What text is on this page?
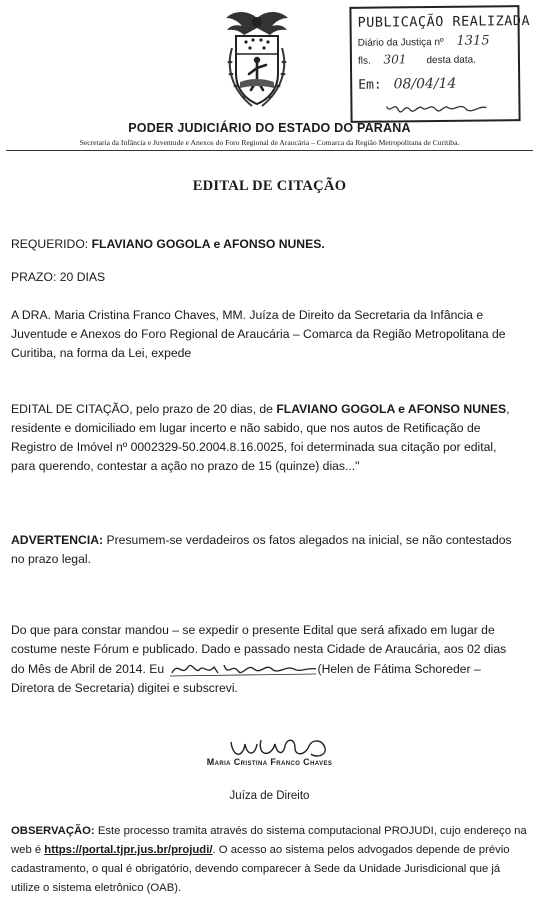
PUBLICAÇÃO REALIZADA
Diário da Justiça nº 1315
fls. 301 desta data.
Em: 08/04/14
PODER JUDICIÁRIO DO ESTADO DO PARANÁ
Secretaria da Infância e Juventude e Anexos do Foro Regional de Araucária – Comarca da Região Metropolitana de Curitiba.
EDITAL DE CITAÇÃO
REQUERIDO: FLAVIANO GOGOLA e AFONSO NUNES.
PRAZO: 20 DIAS
A DRA. Maria Cristina Franco Chaves, MM. Juíza de Direito da Secretaria da Infância e
Juventude e Anexos do Foro Regional de Araucária – Comarca da Região Metropolitana de
Curitiba, na forma da Lei, expede
EDITAL DE CITAÇÃO, pelo prazo de 20 dias, de FLAVIANO GOGOLA e AFONSO NUNES,
residente e domiciliado em lugar incerto e não sabido, que nos autos de Retificação de
Registro de Imóvel nº 0002329-50.2004.8.16.0025, foi determinada sua citação por edital,
para querendo, contestar a ação no prazo de 15 (quinze) dias..."
ADVERTENCIA: Presumem-se verdadeiros os fatos alegados na inicial, se não contestados
no prazo legal.
Do que para constar mandou – se expedir o presente Edital que será afixado em lugar de
costume neste Fórum e publicado. Dado e passado nesta Cidade de Araucária, aos 02 dias
do Mês de Abril de 2014. Eu	(Helen de Fátima Schoreder –
Diretora de Secretaria) digitei e subscrevi.
Maria Cristina Franco Chaves
Juíza de Direito
OBSERVAÇÃO: Este processo tramita através do sistema computacional PROJUDI, cujo endereço na
web é https://portal.tjpr.jus.br/projudi/. O acesso ao sistema pelos advogados depende de prévio
cadastramento, o qual é obrigatório, devendo comparecer à Sede da Unidade Jurisdicional que já
utilize o sistema eletrônico (OAB).
